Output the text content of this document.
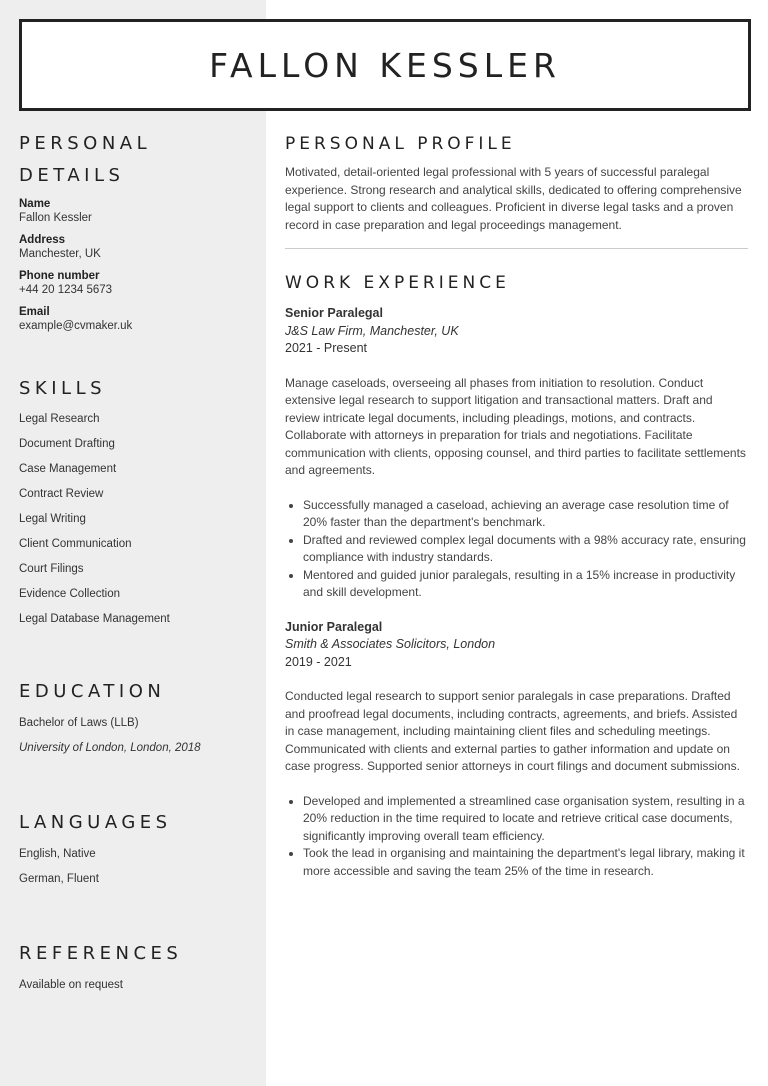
FALLON KESSLER
PERSONAL DETAILS
Name
Fallon Kessler
Address
Manchester, UK
Phone number
+44 20 1234 5673
Email
example@cvmaker.uk
SKILLS
Legal Research
Document Drafting
Case Management
Contract Review
Legal Writing
Client Communication
Court Filings
Evidence Collection
Legal Database Management
EDUCATION
Bachelor of Laws (LLB)
University of London, London, 2018
LANGUAGES
English, Native
German, Fluent
REFERENCES
Available on request
PERSONAL PROFILE

Motivated, detail-oriented legal professional with 5 years of successful paralegal experience. Strong research and analytical skills, dedicated to offering comprehensive legal support to clients and colleagues. Proficient in diverse legal tasks and a proven record in case preparation and legal proceedings management.

WORK EXPERIENCE
Senior Paralegal
J&S Law Firm, Manchester, UK
2021 - Present

Manage caseloads, overseeing all phases from initiation to resolution. Conduct extensive legal research to support litigation and transactional matters. Draft and review intricate legal documents, including pleadings, motions, and contracts. Collaborate with attorneys in preparation for trials and negotiations. Facilitate communication with clients, opposing counsel, and third parties to facilitate settlements and agreements.

• Successfully managed a caseload, achieving an average case resolution time of 20% faster than the department's benchmark.
• Drafted and reviewed complex legal documents with a 98% accuracy rate, ensuring compliance with industry standards.
• Mentored and guided junior paralegals, resulting in a 15% increase in productivity and skill development.
Junior Paralegal
Smith & Associates Solicitors, London
2019 - 2021

Conducted legal research to support senior paralegals in case preparations. Drafted and proofread legal documents, including contracts, agreements, and briefs. Assisted in case management, including maintaining client files and scheduling meetings. Communicated with clients and external parties to gather information and update on case progress. Supported senior attorneys in court filings and document submissions.

• Developed and implemented a streamlined case organisation system, resulting in a 20% reduction in the time required to locate and retrieve critical case documents, significantly improving overall team efficiency.
• Took the lead in organising and maintaining the department's legal library, making it more accessible and saving the team 25% of the time in research.
